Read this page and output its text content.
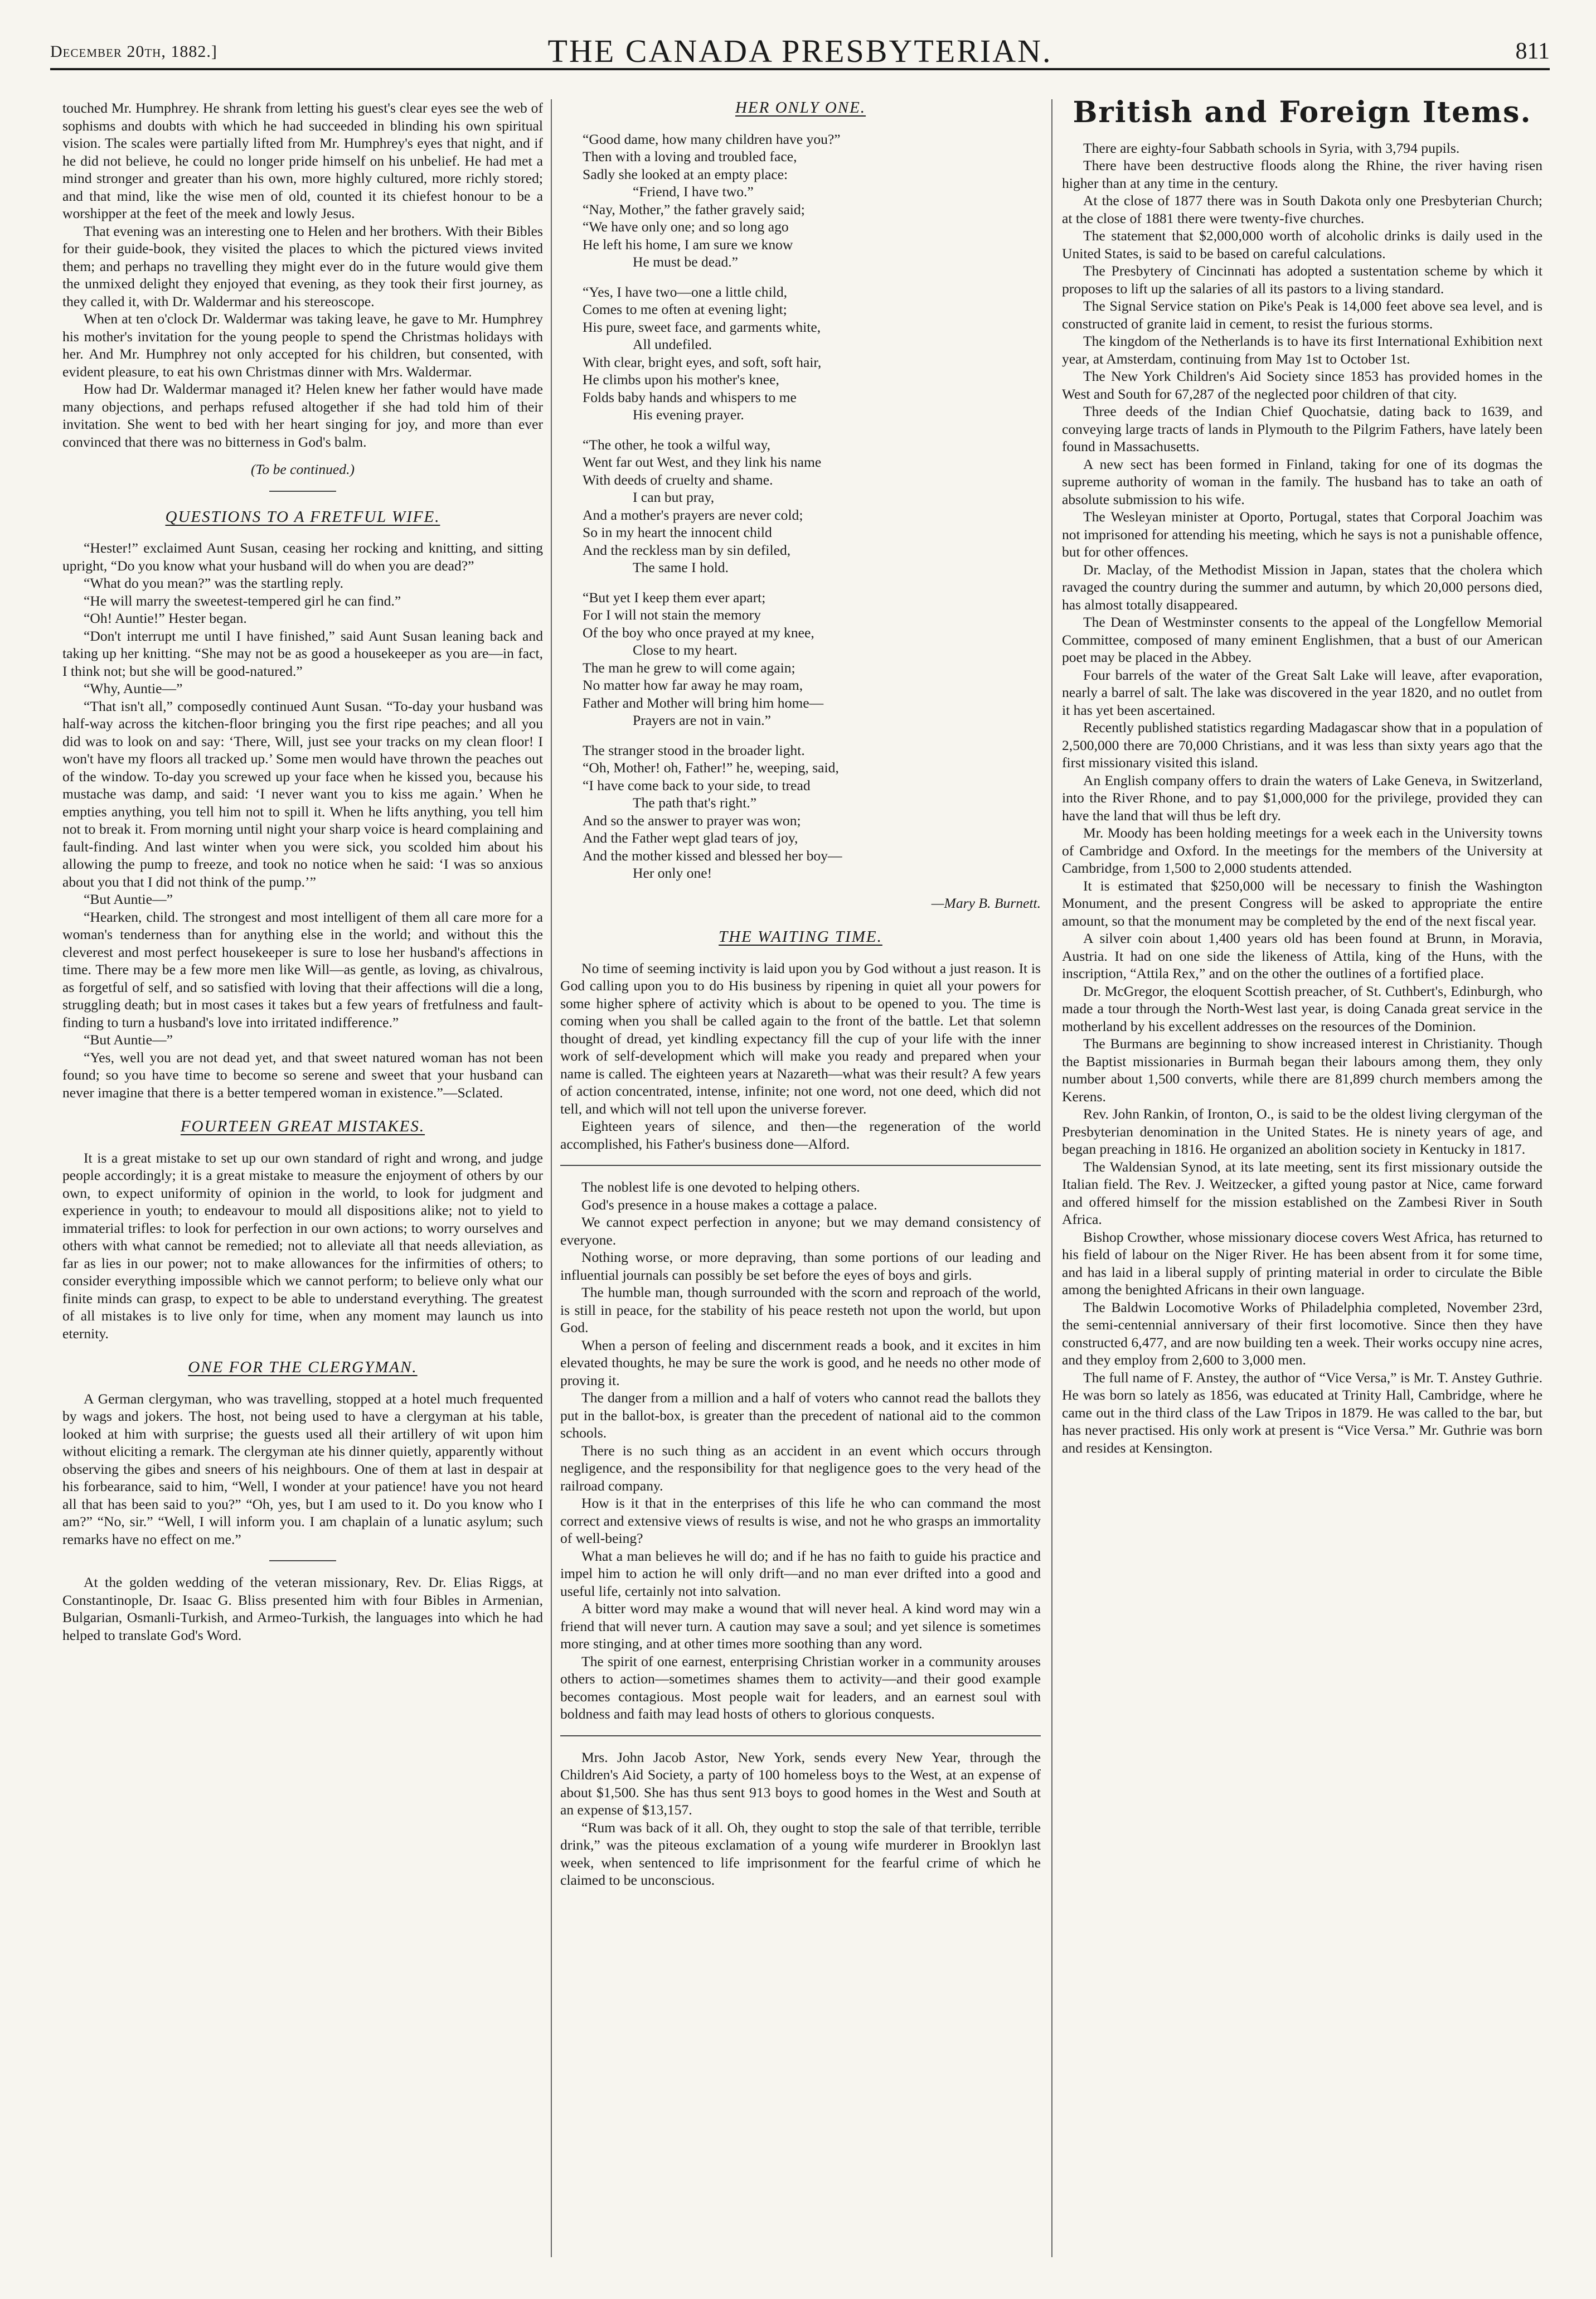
December 20th, 1882.]	THE CANADA PRESBYTERIAN.	811

touched Mr. Humphrey. He shrank from letting his guest's clear eyes see the web of sophisms and doubts with which he had succeeded in blinding his own spiritual vision. The scales were partially lifted from Mr. Humphrey's eyes that night, and if he did not believe, he could no longer pride himself on his unbelief. He had met a mind stronger and greater than his own, more highly cultured, more richly stored; and that mind, like the wise men of old, counted it its chiefest honour to be a worshipper at the feet of the meek and lowly Jesus.

That evening was an interesting one to Helen and her brothers. With their Bibles for their guide-book, they visited the places to which the pictured views invited them; and perhaps no travelling they might ever do in the future would give them the unmixed delight they enjoyed that evening, as they took their first journey, as they called it, with Dr. Waldermar and his stereoscope.

When at ten o'clock Dr. Waldermar was taking leave, he gave to Mr. Humphrey his mother's invitation for the young people to spend the Christmas holidays with her. And Mr. Humphrey not only accepted for his children, but consented, with evident pleasure, to eat his own Christmas dinner with Mrs. Waldermar.

How had Dr. Waldermar managed it? Helen knew her father would have made many objections, and perhaps refused altogether if she had told him of their invitation. She went to bed with her heart singing for joy, and more than ever convinced that there was no bitterness in God's balm.

(To be continued.)

QUESTIONS TO A FRETFUL WIFE.

“Hester!” exclaimed Aunt Susan, ceasing her rocking and knitting, and sitting upright, “Do you know what your husband will do when you are dead?”

“What do you mean?” was the startling reply.

“He will marry the sweetest-tempered girl he can find.”

“Oh! Auntie!” Hester began.

“Don't interrupt me until I have finished,” said Aunt Susan leaning back and taking up her knitting. “She may not be as good a housekeeper as you are—in fact, I think not; but she will be good-natured.”

“Why, Auntie—”

“That isn't all,” composedly continued Aunt Susan. “To-day your husband was half-way across the kitchen-floor bringing you the first ripe peaches; and all you did was to look on and say: ‘There, Will, just see your tracks on my clean floor! I won't have my floors all tracked up.’ Some men would have thrown the peaches out of the window. To-day you screwed up your face when he kissed you, because his mustache was damp, and said: ‘I never want you to kiss me again.’ When he empties anything, you tell him not to spill it. When he lifts anything, you tell him not to break it. From morning until night your sharp voice is heard complaining and fault-finding. And last winter when you were sick, you scolded him about his allowing the pump to freeze, and took no notice when he said: ‘I was so anxious about you that I did not think of the pump.’”

“But Auntie—”

“Hearken, child. The strongest and most intelligent of them all care more for a woman's tenderness than for anything else in the world; and without this the cleverest and most perfect housekeeper is sure to lose her husband's affections in time. There may be a few more men like Will—as gentle, as loving, as chivalrous, as forgetful of self, and so satisfied with loving that their affections will die a long, struggling death; but in most cases it takes but a few years of fretfulness and fault-finding to turn a husband's love into irritated indifference.”

“But Auntie—”

“Yes, well you are not dead yet, and that sweet natured woman has not been found; so you have time to become so serene and sweet that your husband can never imagine that there is a better tempered woman in existence.”—Sclated.

FOURTEEN GREAT MISTAKES.

It is a great mistake to set up our own standard of right and wrong, and judge people accordingly; it is a great mistake to measure the enjoyment of others by our own, to expect uniformity of opinion in the world, to look for judgment and experience in youth; to endeavour to mould all dispositions alike; not to yield to immaterial trifles: to look for perfection in our own actions; to worry ourselves and others with what cannot be remedied; not to alleviate all that needs alleviation, as far as lies in our power; not to make allowances for the infirmities of others; to consider everything impossible which we cannot perform; to believe only what our finite minds can grasp, to expect to be able to understand everything. The greatest of all mistakes is to live only for time, when any moment may launch us into eternity.

ONE FOR THE CLERGYMAN.

A German clergyman, who was travelling, stopped at a hotel much frequented by wags and jokers. The host, not being used to have a clergyman at his table, looked at him with surprise; the guests used all their artillery of wit upon him without eliciting a remark. The clergyman ate his dinner quietly, apparently without observing the gibes and sneers of his neighbours. One of them at last in despair at his forbearance, said to him, “Well, I wonder at your patience! have you not heard all that has been said to you?” “Oh, yes, but I am used to it. Do you know who I am?” “No, sir.” “Well, I will inform you. I am chaplain of a lunatic asylum; such remarks have no effect on me.”

At the golden wedding of the veteran missionary, Rev. Dr. Elias Riggs, at Constantinople, Dr. Isaac G. Bliss presented him with four Bibles in Armenian, Bulgarian, Osmanli-Turkish, and Armeo-Turkish, the languages into which he had helped to translate God's Word.

HER ONLY ONE.
“Good dame, how many children have you?”
Then with a loving and troubled face,
Sadly she looked at an empty place:
“Friend, I have two.”
“Nay, Mother,” the father gravely said;
“We have only one; and so long ago
He left his home, I am sure we know
He must be dead.”
“Yes, I have two—one a little child,
Comes to me often at evening light;
His pure, sweet face, and garments white,
All undefiled.
With clear, bright eyes, and soft, soft hair,
He climbs upon his mother's knee,
Folds baby hands and whispers to me
His evening prayer.
“The other, he took a wilful way,
Went far out West, and they link his name
With deeds of cruelty and shame.
I can but pray,
And a mother's prayers are never cold;
So in my heart the innocent child
And the reckless man by sin defiled,
The same I hold.
“But yet I keep them ever apart;
For I will not stain the memory
Of the boy who once prayed at my knee,
Close to my heart.
The man he grew to will come again;
No matter how far away he may roam,
Father and Mother will bring him home—
Prayers are not in vain.”
The stranger stood in the broader light.
“Oh, Mother! oh, Father!” he, weeping, said,
“I have come back to your side, to tread
The path that's right.”
And so the answer to prayer was won;
And the Father wept glad tears of joy,
And the mother kissed and blessed her boy—
Her only one!

—Mary B. Burnett.

THE WAITING TIME.

No time of seeming inctivity is laid upon you by God without a just reason. It is God calling upon you to do His business by ripening in quiet all your powers for some higher sphere of activity which is about to be opened to you. The time is coming when you shall be called again to the front of the battle. Let that solemn thought of dread, yet kindling expectancy fill the cup of your life with the inner work of self-development which will make you ready and prepared when your name is called. The eighteen years at Nazareth—what was their result? A few years of action concentrated, intense, infinite; not one word, not one deed, which did not tell, and which will not tell upon the universe forever.

Eighteen years of silence, and then—the regeneration of the world accomplished, his Father's business done—Alford.

The noblest life is one devoted to helping others.

God's presence in a house makes a cottage a palace.

We cannot expect perfection in anyone; but we may demand consistency of everyone.

Nothing worse, or more depraving, than some portions of our leading and influential journals can possibly be set before the eyes of boys and girls.

The humble man, though surrounded with the scorn and reproach of the world, is still in peace, for the stability of his peace resteth not upon the world, but upon God.

When a person of feeling and discernment reads a book, and it excites in him elevated thoughts, he may be sure the work is good, and he needs no other mode of proving it.

The danger from a million and a half of voters who cannot read the ballots they put in the ballot-box, is greater than the precedent of national aid to the common schools.

There is no such thing as an accident in an event which occurs through negligence, and the responsibility for that negligence goes to the very head of the railroad company.

How is it that in the enterprises of this life he who can command the most correct and extensive views of results is wise, and not he who grasps an immortality of well-being?

What a man believes he will do; and if he has no faith to guide his practice and impel him to action he will only drift—and no man ever drifted into a good and useful life, certainly not into salvation.

A bitter word may make a wound that will never heal. A kind word may win a friend that will never turn. A caution may save a soul; and yet silence is sometimes more stinging, and at other times more soothing than any word.

The spirit of one earnest, enterprising Christian worker in a community arouses others to action—sometimes shames them to activity—and their good example becomes contagious. Most people wait for leaders, and an earnest soul with boldness and faith may lead hosts of others to glorious conquests.

Mrs. John Jacob Astor, New York, sends every New Year, through the Children's Aid Society, a party of 100 homeless boys to the West, at an expense of about $1,500. She has thus sent 913 boys to good homes in the West and South at an expense of $13,157.

“Rum was back of it all. Oh, they ought to stop the sale of that terrible, terrible drink,” was the piteous exclamation of a young wife murderer in Brooklyn last week, when sentenced to life imprisonment for the fearful crime of which he claimed to be unconscious.

British and Foreign Items.

There are eighty-four Sabbath schools in Syria, with 3,794 pupils.

There have been destructive floods along the Rhine, the river having risen higher than at any time in the century.

At the close of 1877 there was in South Dakota only one Presbyterian Church; at the close of 1881 there were twenty-five churches.

The statement that $2,000,000 worth of alcoholic drinks is daily used in the United States, is said to be based on careful calculations.

The Presbytery of Cincinnati has adopted a sustentation scheme by which it proposes to lift up the salaries of all its pastors to a living standard.

The Signal Service station on Pike's Peak is 14,000 feet above sea level, and is constructed of granite laid in cement, to resist the furious storms.

The kingdom of the Netherlands is to have its first International Exhibition next year, at Amsterdam, continuing from May 1st to October 1st.

The New York Children's Aid Society since 1853 has provided homes in the West and South for 67,287 of the neglected poor children of that city.

Three deeds of the Indian Chief Quochatsie, dating back to 1639, and conveying large tracts of lands in Plymouth to the Pilgrim Fathers, have lately been found in Massachusetts.

A new sect has been formed in Finland, taking for one of its dogmas the supreme authority of woman in the family. The husband has to take an oath of absolute submission to his wife.

The Wesleyan minister at Oporto, Portugal, states that Corporal Joachim was not imprisoned for attending his meeting, which he says is not a punishable offence, but for other offences.

Dr. Maclay, of the Methodist Mission in Japan, states that the cholera which ravaged the country during the summer and autumn, by which 20,000 persons died, has almost totally disappeared.

The Dean of Westminster consents to the appeal of the Longfellow Memorial Committee, composed of many eminent Englishmen, that a bust of our American poet may be placed in the Abbey.

Four barrels of the water of the Great Salt Lake will leave, after evaporation, nearly a barrel of salt. The lake was discovered in the year 1820, and no outlet from it has yet been ascertained.

Recently published statistics regarding Madagascar show that in a population of 2,500,000 there are 70,000 Christians, and it was less than sixty years ago that the first missionary visited this island.

An English company offers to drain the waters of Lake Geneva, in Switzerland, into the River Rhone, and to pay $1,000,000 for the privilege, provided they can have the land that will thus be left dry.

Mr. Moody has been holding meetings for a week each in the University towns of Cambridge and Oxford. In the meetings for the members of the University at Cambridge, from 1,500 to 2,000 students attended.

It is estimated that $250,000 will be necessary to finish the Washington Monument, and the present Congress will be asked to appropriate the entire amount, so that the monument may be completed by the end of the next fiscal year.

A silver coin about 1,400 years old has been found at Brunn, in Moravia, Austria. It had on one side the likeness of Attila, king of the Huns, with the inscription, “Attila Rex,” and on the other the outlines of a fortified place.

Dr. McGregor, the eloquent Scottish preacher, of St. Cuthbert's, Edinburgh, who made a tour through the North-West last year, is doing Canada great service in the motherland by his excellent addresses on the resources of the Dominion.

The Burmans are beginning to show increased interest in Christianity. Though the Baptist missionaries in Burmah began their labours among them, they only number about 1,500 converts, while there are 81,899 church members among the Kerens.

Rev. John Rankin, of Ironton, O., is said to be the oldest living clergyman of the Presbyterian denomination in the United States. He is ninety years of age, and began preaching in 1816. He organized an abolition society in Kentucky in 1817.

The Waldensian Synod, at its late meeting, sent its first missionary outside the Italian field. The Rev. J. Weitzecker, a gifted young pastor at Nice, came forward and offered himself for the mission established on the Zambesi River in South Africa.

Bishop Crowther, whose missionary diocese covers West Africa, has returned to his field of labour on the Niger River. He has been absent from it for some time, and has laid in a liberal supply of printing material in order to circulate the Bible among the benighted Africans in their own language.

The Baldwin Locomotive Works of Philadelphia completed, November 23rd, the semi-centennial anniversary of their first locomotive. Since then they have constructed 6,477, and are now building ten a week. Their works occupy nine acres, and they employ from 2,600 to 3,000 men.

The full name of F. Anstey, the author of “Vice Versa,” is Mr. T. Anstey Guthrie. He was born so lately as 1856, was educated at Trinity Hall, Cambridge, where he came out in the third class of the Law Tripos in 1879. He was called to the bar, but has never practised. His only work at present is “Vice Versa.” Mr. Guthrie was born and resides at Kensington.
